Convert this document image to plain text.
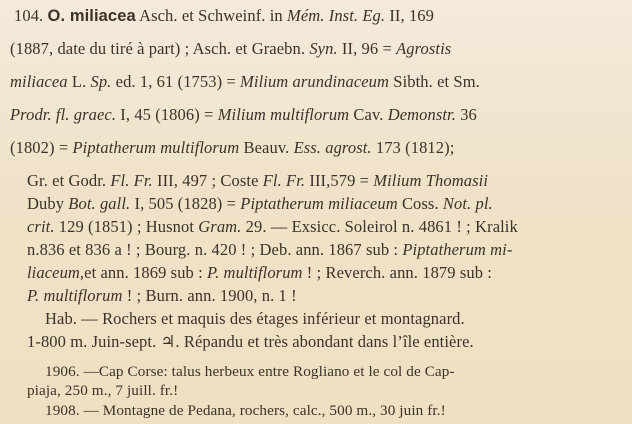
104. O. miliacea Asch. et Schweinf. in Mém. Inst. Eg. II, 169
(1887, date du tiré à part) ; Asch. et Graebn. Syn. II, 96 = Agrostis
miliacea L. Sp. ed. 1, 61 (1753) = Milium arundinaceum Sibth. et Sm.
Prodr. fl. graec. I, 45 (1806) = Milium multiflorum Cav. Demonstr. 36
(1802) = Piptatherum multiflorum Beauv. Ess. agrost. 173 (1812);
Gr. et Godr. Fl. Fr. III, 497 ; Coste Fl. Fr. III,579 = Milium Thomasii
Duby Bot. gall. I, 505 (1828) = Piptatherum miliaceum Coss. Not. pl.
crit. 129 (1851) ; Husnot Gram. 29. — Exsicc. Soleirol n. 4861 ! ; Kralik
n.836 et 836 a ! ; Bourg. n. 420 ! ; Deb. ann. 1867 sub : Piptatherum mi-
liaceum,et ann. 1869 sub : P. multiflorum ! ; Reverch. ann. 1879 sub :
P. multiflorum ! ; Burn. ann. 1900, n. 1 !
Hab. — Rochers et maquis des étages inférieur et montagnard.
1-800 m. Juin-sept. ♃. Répandu et très abondant dans l’île entière.
1906. —Cap Corse: talus herbeux entre Rogliano et le col de Cap-
piaja, 250 m., 7 juill. fr.!
1908. — Montagne de Pedana, rochers, calc., 500 m., 30 juin fr.!
